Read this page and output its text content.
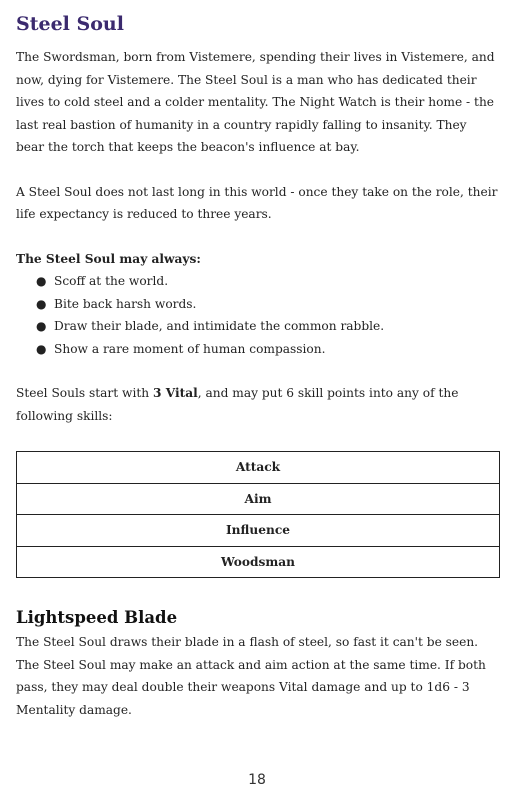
Steel Soul

The Swordsman, born from Vistemere, spending their lives in Vistemere, and now, dying for Vistemere. The Steel Soul is a man who has dedicated their lives to cold steel and a colder mentality. The Night Watch is their home - the last real bastion of humanity in a country rapidly falling to insanity. They bear the torch that keeps the beacon's influence at bay.

A Steel Soul does not last long in this world - once they take on the role, their life expectancy is reduced to three years.

The Steel Soul may always:
● Scoff at the world.
● Bite back harsh words.
● Draw their blade, and intimidate the common rabble.
● Show a rare moment of human compassion.

Steel Souls start with 3 Vital, and may put 6 skill points into any of the following skills:

Attack
Aim
Influence
Woodsman
Lightspeed Blade

The Steel Soul draws their blade in a flash of steel, so fast it can't be seen. The Steel Soul may make an attack and aim action at the same time. If both pass, they may deal double their weapons Vital damage and up to 1d6 - 3 Mentality damage.

18
